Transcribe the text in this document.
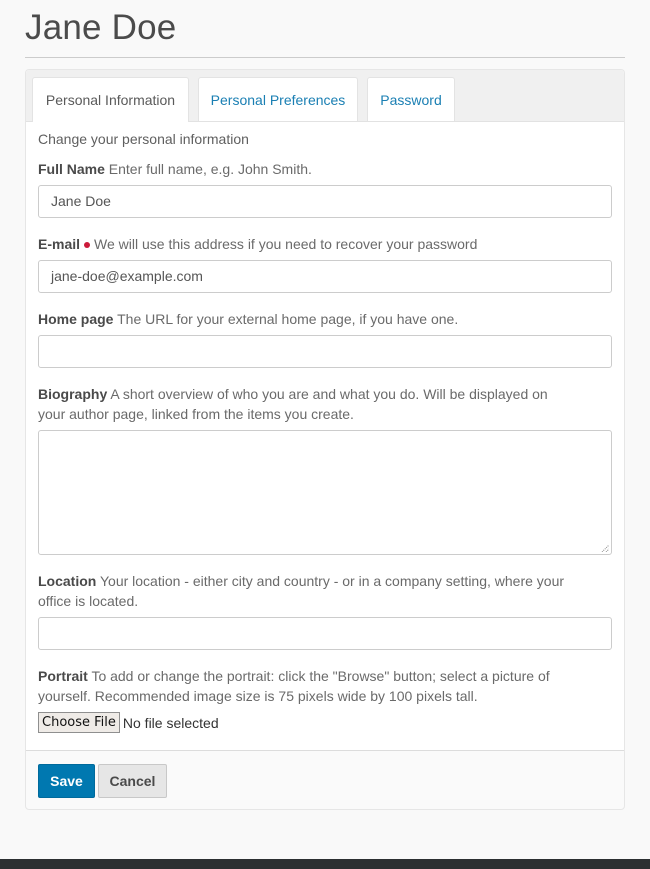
Jane Doe
Personal Information	Personal Preferences	Password
Change your personal information
Full Name Enter full name, e.g. John Smith.
Jane Doe
E-mail We will use this address if you need to recover your password
jane-doe@example.com
Home page The URL for your external home page, if you have one.
Biography A short overview of who you are and what you do. Will be displayed on your author page, linked from the items you create.
Location Your location - either city and country - or in a company setting, where your office is located.
Portrait To add or change the portrait: click the "Browse" button; select a picture of yourself. Recommended image size is 75 pixels wide by 100 pixels tall.
Choose File No file selected
Save	Cancel
